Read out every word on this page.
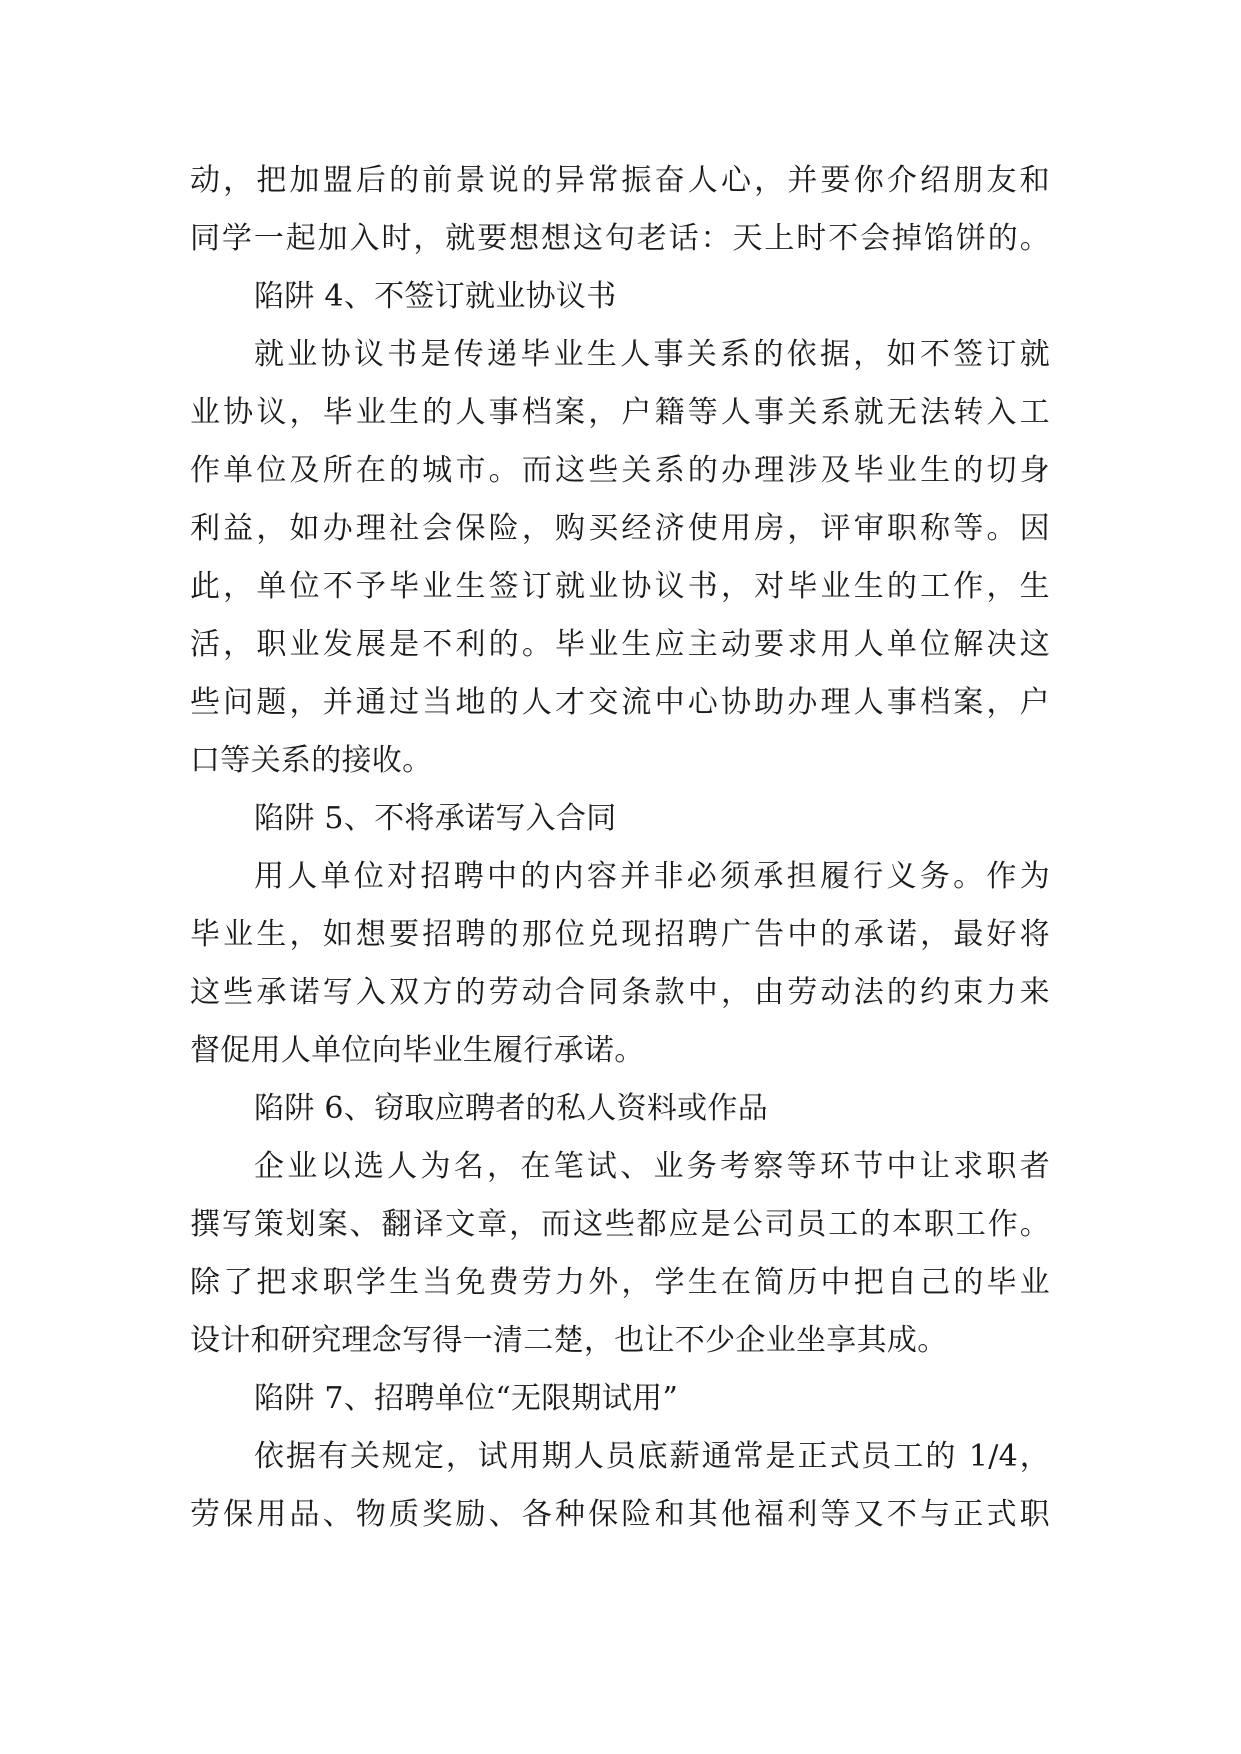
动，把加盟后的前景说的异常振奋人心，并要你介绍朋友和
同学一起加入时，就要想想这句老话：天上时不会掉馅饼的。
陷阱 4、不签订就业协议书
就业协议书是传递毕业生人事关系的依据，如不签订就
业协议，毕业生的人事档案，户籍等人事关系就无法转入工
作单位及所在的城市。而这些关系的办理涉及毕业生的切身
利益，如办理社会保险，购买经济使用房，评审职称等。因
此，单位不予毕业生签订就业协议书，对毕业生的工作，生
活，职业发展是不利的。毕业生应主动要求用人单位解决这
些问题，并通过当地的人才交流中心协助办理人事档案，户
口等关系的接收。
陷阱 5、不将承诺写入合同
用人单位对招聘中的内容并非必须承担履行义务。作为
毕业生，如想要招聘的那位兑现招聘广告中的承诺，最好将
这些承诺写入双方的劳动合同条款中，由劳动法的约束力来
督促用人单位向毕业生履行承诺。
陷阱 6、窃取应聘者的私人资料或作品
企业以选人为名，在笔试、业务考察等环节中让求职者
撰写策划案、翻译文章，而这些都应是公司员工的本职工作。
除了把求职学生当免费劳力外，学生在简历中把自己的毕业
设计和研究理念写得一清二楚，也让不少企业坐享其成。
陷阱 7、招聘单位“无限期试用”
依据有关规定，试用期人员底薪通常是正式员工的 1/4，
劳保用品、物质奖励、各种保险和其他福利等又不与正式职
